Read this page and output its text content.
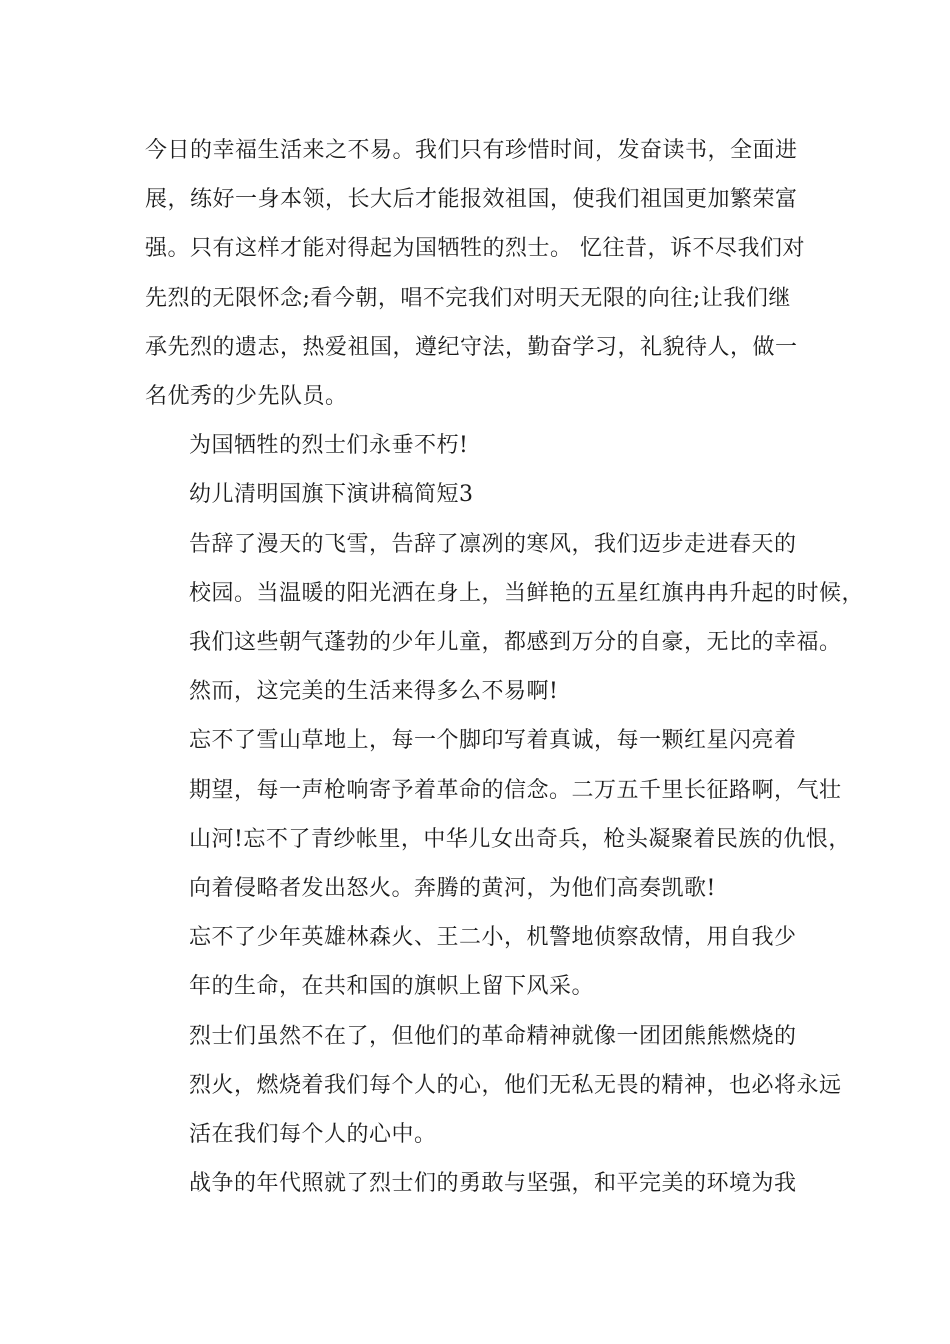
今日的幸福生活来之不易。我们只有珍惜时间，发奋读书，全面进
展，练好一身本领，长大后才能报效祖国，使我们祖国更加繁荣富
强。只有这样才能对得起为国牺牲的烈士。 忆往昔，诉不尽我们对
先烈的无限怀念;看今朝，唱不完我们对明天无限的向往;让我们继
承先烈的遗志，热爱祖国，遵纪守法，勤奋学习，礼貌待人，做一
名优秀的少先队员。

为国牺牲的烈士们永垂不朽!

幼儿清明国旗下演讲稿简短3

告辞了漫天的飞雪，告辞了凛冽的寒风，我们迈步走进春天的
校园。当温暖的阳光洒在身上，当鲜艳的五星红旗冉冉升起的时候，
我们这些朝气蓬勃的少年儿童，都感到万分的自豪，无比的幸福。
然而，这完美的生活来得多么不易啊!

忘不了雪山草地上，每一个脚印写着真诚，每一颗红星闪亮着
期望，每一声枪响寄予着革命的信念。二万五千里长征路啊，气壮
山河!忘不了青纱帐里，中华儿女出奇兵，枪头凝聚着民族的仇恨，
向着侵略者发出怒火。奔腾的黄河，为他们高奏凯歌!

忘不了少年英雄林森火、王二小，机警地侦察敌情，用自我少
年的生命，在共和国的旗帜上留下风采。

烈士们虽然不在了，但他们的革命精神就像一团团熊熊燃烧的
烈火，燃烧着我们每个人的心，他们无私无畏的精神，也必将永远
活在我们每个人的心中。

战争的年代照就了烈士们的勇敢与坚强，和平完美的环境为我
